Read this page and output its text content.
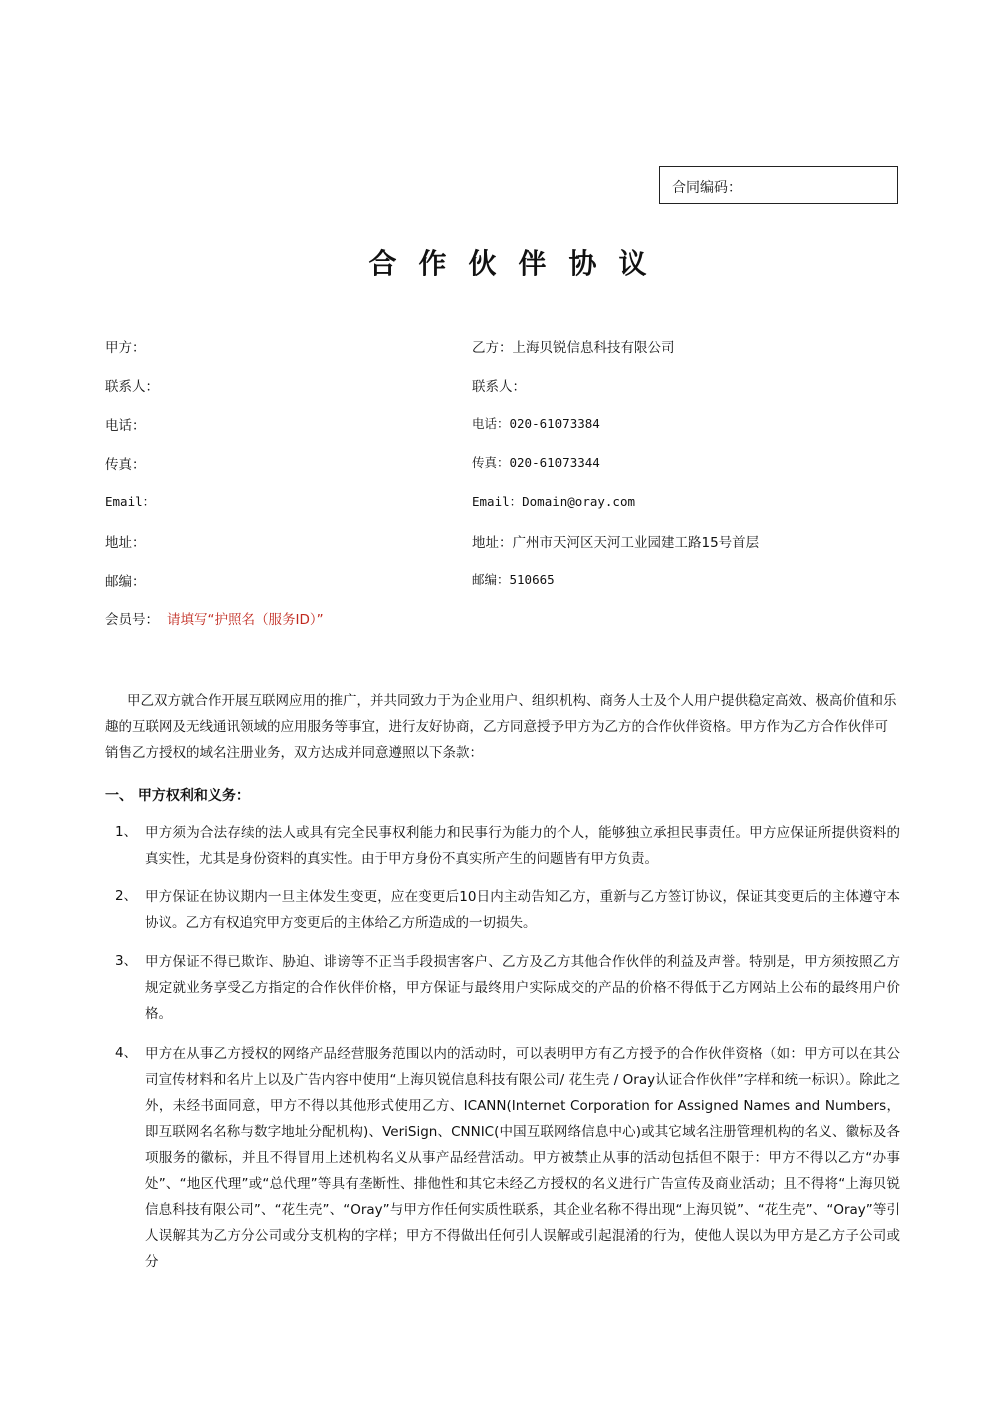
合同编码：
合作伙伴协议
甲方：	乙方：上海贝锐信息科技有限公司
联系人：	联系人：
电话：	电话：020-61073384
传真：	传真：020-61073344
Email：	Email：Domain@oray.com
地址：	地址：广州市天河区天河工业园建工路15号首层
邮编：	邮编：510665
会员号： 请填写“护照名（服务ID）”
甲乙双方就合作开展互联网应用的推广，并共同致力于为企业用户、组织机构、商务人士及个人用户提供稳定高效、极高价值和乐趣的互联网及无线通讯领域的应用服务等事宜，进行友好协商，乙方同意授予甲方为乙方的合作伙伴资格。甲方作为乙方合作伙伴可销售乙方授权的域名注册业务，双方达成并同意遵照以下条款：
一、 甲方权利和义务：
1、 甲方须为合法存续的法人或具有完全民事权利能力和民事行为能力的个人，能够独立承担民事责任。甲方应保证所提供资料的真实性，尤其是身份资料的真实性。由于甲方身份不真实所产生的问题皆有甲方负责。
2、 甲方保证在协议期内一旦主体发生变更，应在变更后10日内主动告知乙方，重新与乙方签订协议，保证其变更后的主体遵守本协议。乙方有权追究甲方变更后的主体给乙方所造成的一切损失。
3、 甲方保证不得已欺诈、胁迫、诽谤等不正当手段损害客户、乙方及乙方其他合作伙伴的利益及声誉。特别是，甲方须按照乙方规定就业务享受乙方指定的合作伙伴价格，甲方保证与最终用户实际成交的产品的价格不得低于乙方网站上公布的最终用户价格。
4、 甲方在从事乙方授权的网络产品经营服务范围以内的活动时，可以表明甲方有乙方授予的合作伙伴资格（如：甲方可以在其公司宣传材料和名片上以及广告内容中使用“上海贝锐信息科技有限公司/ 花生壳 / Oray认证合作伙伴”字样和统一标识）。除此之外，未经书面同意，甲方不得以其他形式使用乙方、ICANN(Internet Corporation for Assigned Names and Numbers，即互联网名名称与数字地址分配机构)、VeriSign、CNNIC(中国互联网络信息中心)或其它域名注册管理机构的名义、徽标及各项服务的徽标，并且不得冒用上述机构名义从事产品经营活动。甲方被禁止从事的活动包括但不限于：甲方不得以乙方“办事处”、“地区代理”或“总代理”等具有垄断性、排他性和其它未经乙方授权的名义进行广告宣传及商业活动；且不得将“上海贝锐信息科技有限公司”、“花生壳”、“Oray”与甲方作任何实质性联系，其企业名称不得出现“上海贝锐”、“花生壳”、“Oray”等引人误解其为乙方分公司或分支机构的字样；甲方不得做出任何引人误解或引起混淆的行为，使他人误以为甲方是乙方子公司或分
